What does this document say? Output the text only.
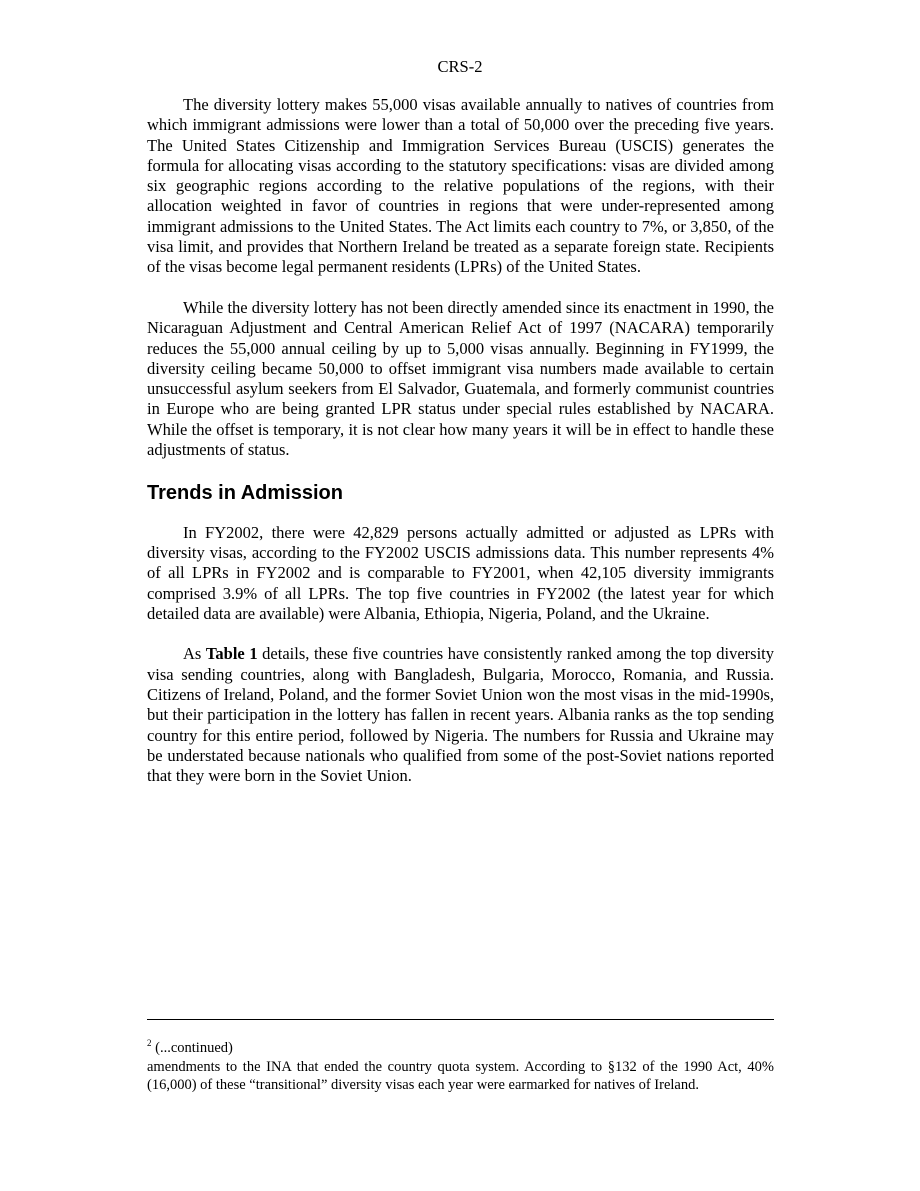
CRS-2

The diversity lottery makes 55,000 visas available annually to natives of countries from which immigrant admissions were lower than a total of 50,000 over the preceding five years. The United States Citizenship and Immigration Services Bureau (USCIS) generates the formula for allocating visas according to the statutory specifications: visas are divided among six geographic regions according to the relative populations of the regions, with their allocation weighted in favor of countries in regions that were under-represented among immigrant admissions to the United States. The Act limits each country to 7%, or 3,850, of the visa limit, and provides that Northern Ireland be treated as a separate foreign state. Recipients of the visas become legal permanent residents (LPRs) of the United States.

While the diversity lottery has not been directly amended since its enactment in 1990, the Nicaraguan Adjustment and Central American Relief Act of 1997 (NACARA) temporarily reduces the 55,000 annual ceiling by up to 5,000 visas annually. Beginning in FY1999, the diversity ceiling became 50,000 to offset immigrant visa numbers made available to certain unsuccessful asylum seekers from El Salvador, Guatemala, and formerly communist countries in Europe who are being granted LPR status under special rules established by NACARA. While the offset is temporary, it is not clear how many years it will be in effect to handle these adjustments of status.

Trends in Admission

In FY2002, there were 42,829 persons actually admitted or adjusted as LPRs with diversity visas, according to the FY2002 USCIS admissions data. This number represents 4% of all LPRs in FY2002 and is comparable to FY2001, when 42,105 diversity immigrants comprised 3.9% of all LPRs. The top five countries in FY2002 (the latest year for which detailed data are available) were Albania, Ethiopia, Nigeria, Poland, and the Ukraine.

As Table 1 details, these five countries have consistently ranked among the top diversity visa sending countries, along with Bangladesh, Bulgaria, Morocco, Romania, and Russia. Citizens of Ireland, Poland, and the former Soviet Union won the most visas in the mid-1990s, but their participation in the lottery has fallen in recent years. Albania ranks as the top sending country for this entire period, followed by Nigeria. The numbers for Russia and Ukraine may be understated because nationals who qualified from some of the post-Soviet nations reported that they were born in the Soviet Union.

$^2$ (...continued)

amendments to the INA that ended the country quota system. According to §132 of the 1990 Act, 40% (16,000) of these “transitional” diversity visas each year were earmarked for natives of Ireland.
